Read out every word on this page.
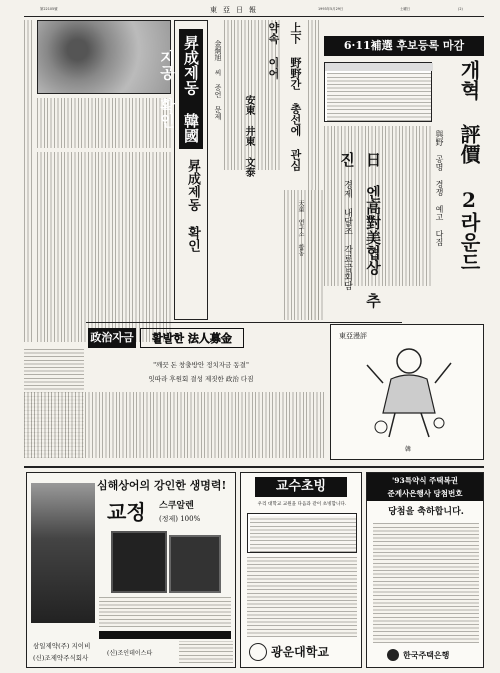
第22105號	東亞日報	1993年5月29日	土曜日	(2)
昇成제동 韓國지공 확인
昇成제동 확인
金炯旭 씨 증언 문제
安東 井東 文泰	上下 野野간 총선에 관심 약속 이어	6·11補選 후보등록 마감
개혁 評價 2라운드
與野 공명 경쟁 예고 다짐
日 엔高對美협상 추진
경제 내달초 각료급회담
天童 연구소 활동
政治자금	활발한 法人募金
"깨끗 돈 창출방안 정치자금 동결"
잇따라 후원회 결성 제짓한 政治 다짐
東亞漫評
韓
심해상어의 강인한 생명력!
교정	스쿠알렌
(정제) 100%
삼일제약(주) 지이비
(신)조제약주식회사
(신)조인데이스타
교수초빙
우리 대학교 교원을 다음과 같이 초빙합니다.
광운대학교
'93특약식 주택복권
준계사은행사 당첨번호
당첨을 축하합니다.
한국주택은행
